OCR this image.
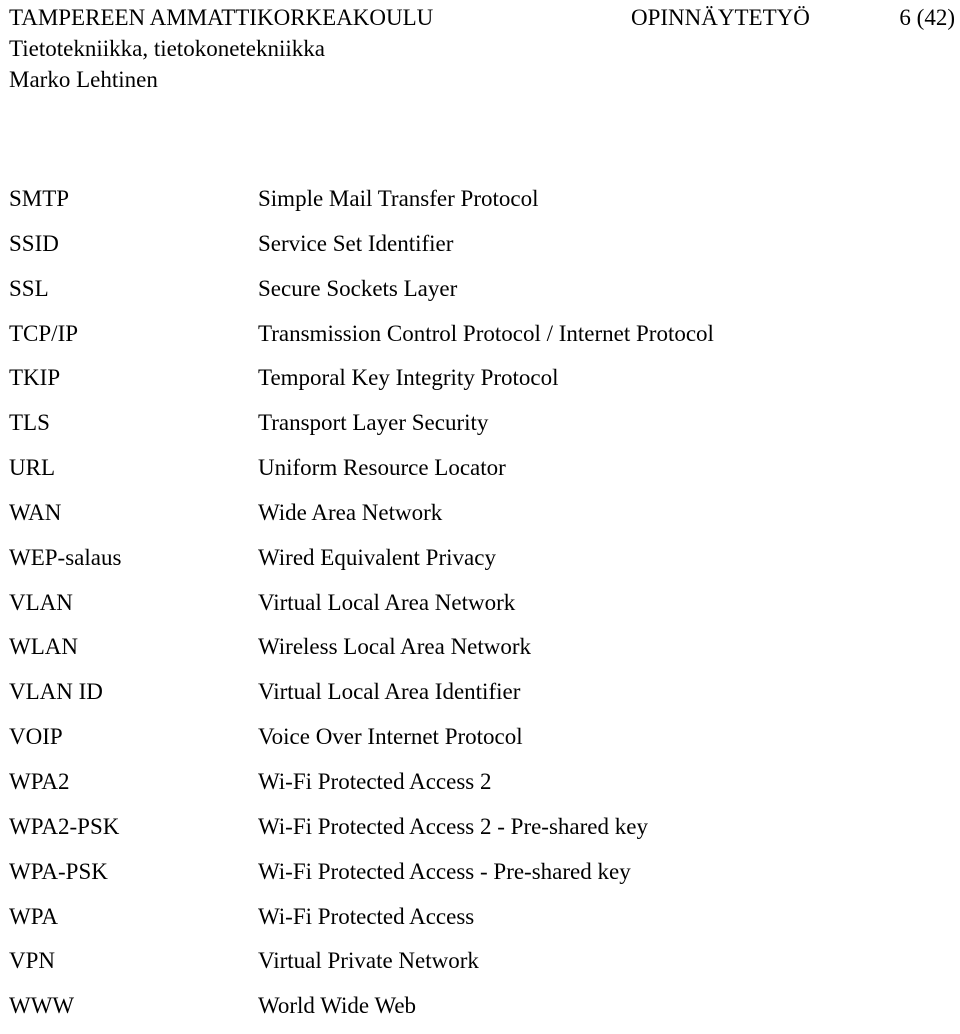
TAMPEREEN AMMATTIKORKEAKOULU	OPINNÄYTETYÖ	6 (42)
Tietotekniikka, tietokonetekniikka
Marko Lehtinen
SMTP	Simple Mail Transfer Protocol
SSID	Service Set Identifier
SSL	Secure Sockets Layer
TCP/IP	Transmission Control Protocol / Internet Protocol
TKIP	Temporal Key Integrity Protocol
TLS	Transport Layer Security
URL	Uniform Resource Locator
WAN	Wide Area Network
WEP-salaus	Wired Equivalent Privacy
VLAN	Virtual Local Area Network
WLAN	Wireless Local Area Network
VLAN ID	Virtual Local Area Identifier
VOIP	Voice Over Internet Protocol
WPA2	Wi-Fi Protected Access 2
WPA2-PSK	Wi-Fi Protected Access 2 - Pre-shared key
WPA-PSK	Wi-Fi Protected Access - Pre-shared key
WPA	Wi-Fi Protected Access
VPN	Virtual Private Network
WWW	World Wide Web
